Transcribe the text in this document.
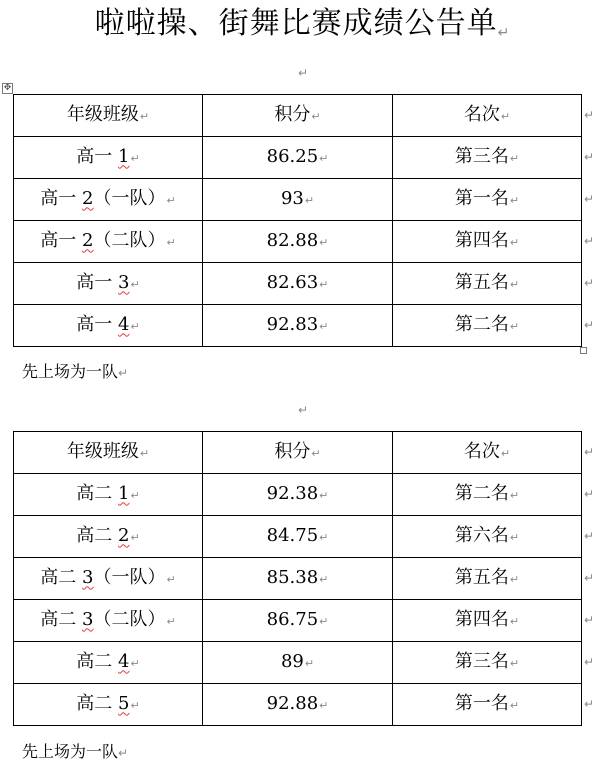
啦啦操、街舞比赛成绩公告单↵
↵
✥
年级班级↵	积分↵	名次↵
高一 1↵	86.25↵	第三名↵
高一 2（一队）↵	93↵	第一名↵
高一 2（二队）↵	82.88↵	第四名↵
高一 3↵	82.63↵	第五名↵
高一 4↵	92.83↵	第二名↵
先上场为一队↵
↵
年级班级↵	积分↵	名次↵
高二 1↵	92.38↵	第二名↵
高二 2↵	84.75↵	第六名↵
高二 3（一队）↵	85.38↵	第五名↵
高二 3（二队）↵	86.75↵	第四名↵
高二 4↵	89↵	第三名↵
高二 5↵	92.88↵	第一名↵
先上场为一队↵
↵
↵
↵
↵
↵
↵
↵
↵
↵
↵
↵
↵
↵
